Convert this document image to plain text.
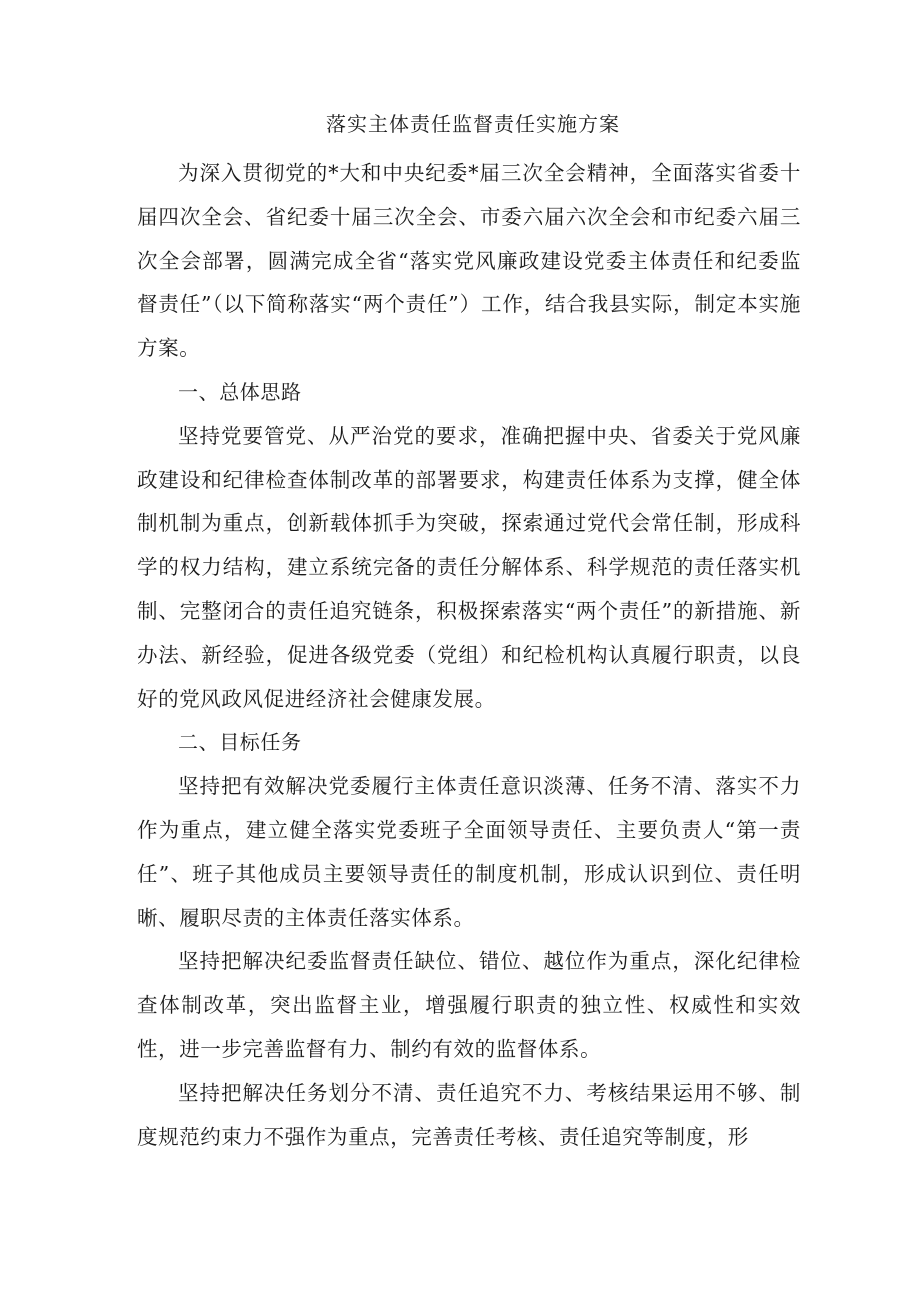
落实主体责任监督责任实施方案

为深入贯彻党的*大和中央纪委*届三次全会精神，全面落实省委十届四次全会、省纪委十届三次全会、市委六届六次全会和市纪委六届三次全会部署，圆满完成全省“落实党风廉政建设党委主体责任和纪委监督责任”（以下简称落实“两个责任”）工作，结合我县实际，制定本实施方案。

一、总体思路

坚持党要管党、从严治党的要求，准确把握中央、省委关于党风廉政建设和纪律检查体制改革的部署要求，构建责任体系为支撑，健全体制机制为重点，创新载体抓手为突破，探索通过党代会常任制，形成科学的权力结构，建立系统完备的责任分解体系、科学规范的责任落实机制、完整闭合的责任追究链条，积极探索落实“两个责任”的新措施、新办法、新经验，促进各级党委（党组）和纪检机构认真履行职责，以良好的党风政风促进经济社会健康发展。

二、目标任务

坚持把有效解决党委履行主体责任意识淡薄、任务不清、落实不力作为重点，建立健全落实党委班子全面领导责任、主要负责人“第一责任”、班子其他成员主要领导责任的制度机制，形成认识到位、责任明晰、履职尽责的主体责任落实体系。

坚持把解决纪委监督责任缺位、错位、越位作为重点，深化纪律检查体制改革，突出监督主业，增强履行职责的独立性、权威性和实效性，进一步完善监督有力、制约有效的监督体系。

坚持把解决任务划分不清、责任追究不力、考核结果运用不够、制度规范约束力不强作为重点，完善责任考核、责任追究等制度，形
